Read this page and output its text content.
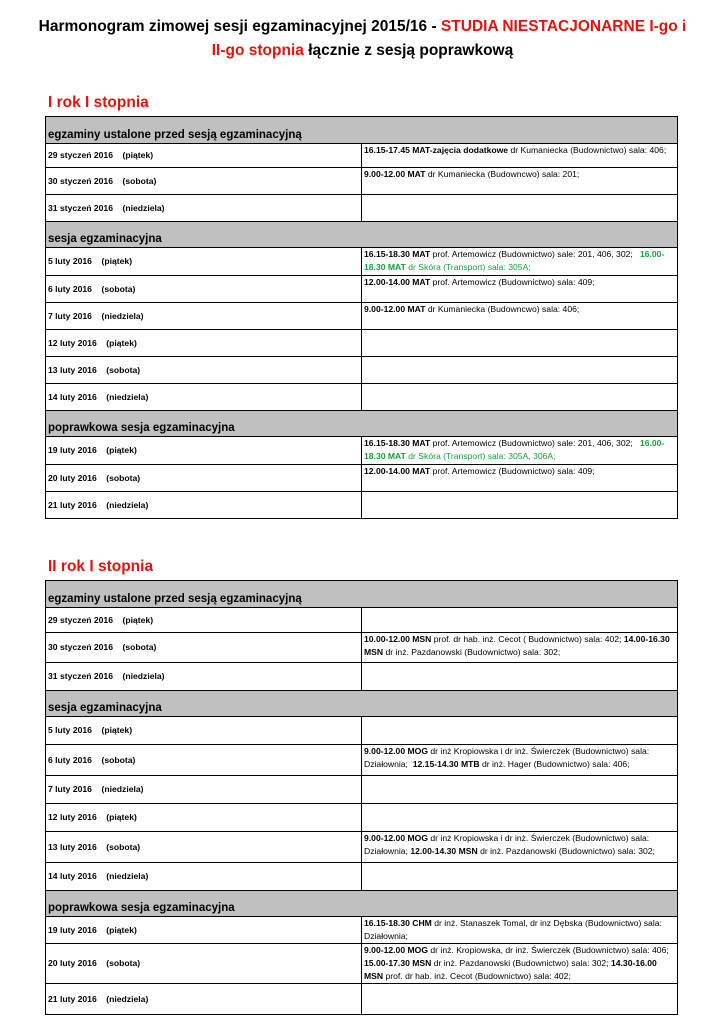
Harmonogram zimowej sesji egzaminacyjnej 2015/16 - STUDIA NIESTACJONARNE I-go i II-go stopnia łącznie z sesją poprawkową
I rok I stopnia
egzaminy ustalone przed sesją egzaminacyjną	
29 styczeń 2016    (piątek)	16.15-17.45 MAT-zajęcia dodatkowe dr Kumaniecka (Budownictwo) sala: 406;
30 styczeń 2016    (sobota)	9.00-12.00 MAT dr Kumaniecka (Budowncwo) sala: 201;
31 styczeń 2016    (niedziela)	
sesja egzaminacyjna	
5 luty 2016    (piątek)	16.15-18.30 MAT prof. Artemowicz (Budownictwo) sale: 201, 406, 302;   16.00-18.30 MAT dr Skóra (Transport) sala: 305A;
6 luty 2016    (sobota)	12.00-14.00 MAT prof. Artemowicz (Budownictwo) sala: 409;
7 luty 2016    (niedziela)	9.00-12.00 MAT dr Kumaniecka (Budowncwo) sala: 406;
12 luty 2016    (piątek)	
13 luty 2016    (sobota)	
14 luty 2016    (niedziela)	
poprawkowa sesja egzaminacyjna	
19 luty 2016    (piątek)	16.15-18.30 MAT prof. Artemowicz (Budownictwo) sale: 201, 406, 302;   16.00-18.30 MAT dr Skóra (Transport) sala: 305A, 306A;
20 luty 2016    (sobota)	12.00-14.00 MAT prof. Artemowicz (Budownictwo) sala: 409;
21 luty 2016    (niedziela)	
II rok I stopnia
egzaminy ustalone przed sesją egzaminacyjną	
29 styczeń 2016    (piątek)	
30 styczeń 2016    (sobota)	10.00-12.00 MSN prof. dr hab. inż. Cecot ( Budownictwo) sala: 402; 14.00-16.30 MSN dr inż. Pazdanowski (Budownictwo) sala: 302;
31 styczeń 2016    (niedziela)	
sesja egzaminacyjna	
5 luty 2016    (piątek)	
6 luty 2016    (sobota)	9.00-12.00 MOG dr inż Kropiowska i dr inż. Świerczek (Budownictwo) sala: Działownia;  12.15-14.30 MTB dr inż. Hager (Budownictwo) sala: 406;
7 luty 2016    (niedziela)	
12 luty 2016    (piątek)	
13 luty 2016    (sobota)	9.00-12.00 MOG dr inż Kropiowska i dr inż. Świerczek (Budownictwo) sala: Działownia; 12.00-14.30 MSN dr inż. Pazdanowski (Budownictwo) sala: 302;
14 luty 2016    (niedziela)	
poprawkowa sesja egzaminacyjna	
19 luty 2016    (piątek)	16.15-18.30 CHM dr inż. Stanaszek Tomal, dr inz Dębska (Budownictwo) sala: Działownia;
20 luty 2016    (sobota)	9.00-12.00 MOG dr inż. Kropiowska, dr inż. Świerczek (Budownictwo) sala: 406; 15.00-17.30 MSN dr inż. Pazdanowski (Budownictwo) sala: 302; 14.30-16.00 MSN prof. dr hab. inż. Cecot (Budownictwo) sala: 402;
21 luty 2016    (niedziela)	
